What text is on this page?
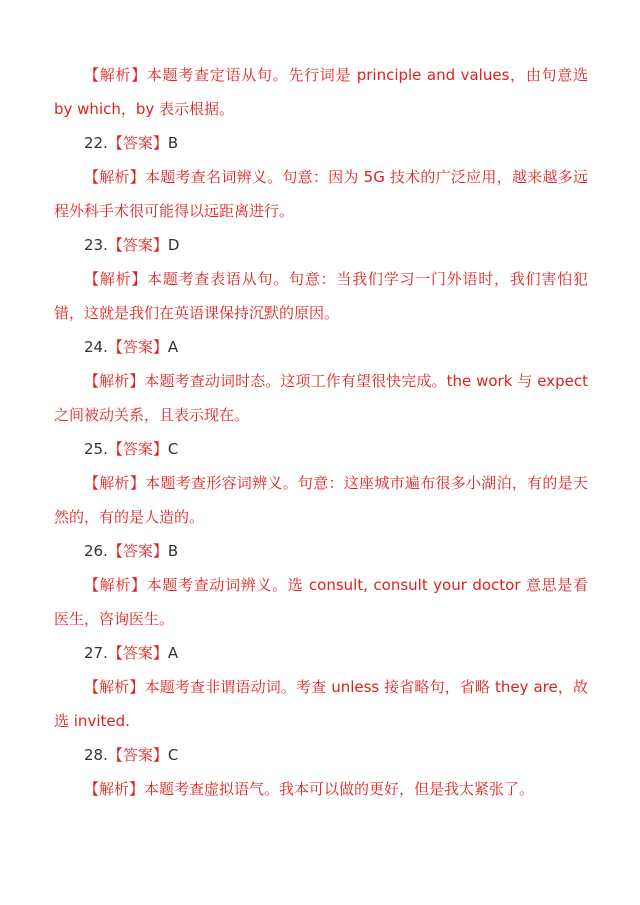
【解析】本题考查定语从句。先行词是 principle and values，由句意选 by which，by 表示根据。

22.【答案】B

【解析】本题考查名词辨义。句意：因为 5G 技术的广泛应用，越来越多远程外科手术很可能得以远距离进行。

23.【答案】D

【解析】本题考查表语从句。句意：当我们学习一门外语时，我们害怕犯错，这就是我们在英语课保持沉默的原因。

24.【答案】A

【解析】本题考查动词时态。这项工作有望很快完成。the work 与 expect 之间被动关系，且表示现在。

25.【答案】C

【解析】本题考查形容词辨义。句意：这座城市遍布很多小湖泊，有的是天然的，有的是人造的。

26.【答案】B

【解析】本题考查动词辨义。选 consult, consult your doctor 意思是看医生，咨询医生。

27.【答案】A

【解析】本题考查非谓语动词。考查 unless 接省略句，省略 they are，故选 invited.

28.【答案】C

【解析】本题考查虚拟语气。我本可以做的更好，但是我太紧张了。
